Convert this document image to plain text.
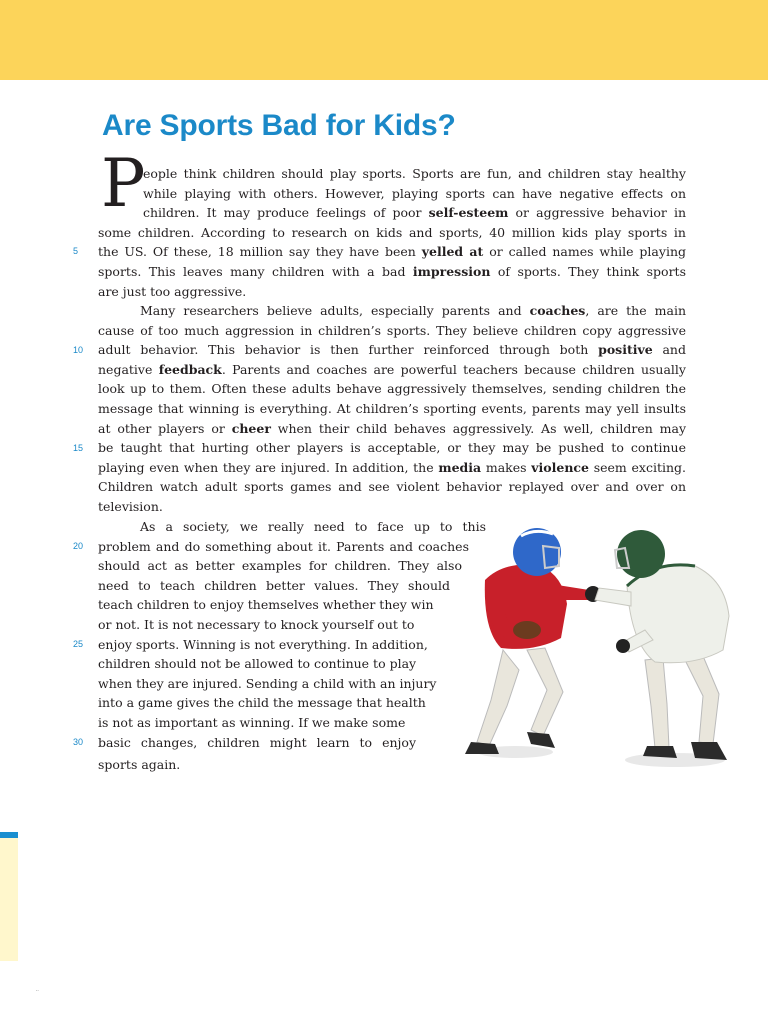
Are Sports Bad for Kids?
P
eople think children should play sports. Sports are fun, and children stay healthy
while playing with others. However, playing sports can have negative effects on
children. It may produce feelings of poor self-esteem or aggressive behavior in
some children. According to research on kids and sports, 40 million kids play sports in
the US. Of these, 18 million say they have been yelled at or called names while playing
sports. This leaves many children with a bad impression of sports. They think sports
are just too aggressive.
Many researchers believe adults, especially parents and coaches, are the main
cause of too much aggression in children’s sports. They believe children copy aggressive
adult behavior. This behavior is then further reinforced through both positive and
negative feedback. Parents and coaches are powerful teachers because children usually
look up to them. Often these adults behave aggressively themselves, sending children the
message that winning is everything. At children’s sporting events, parents may yell insults
at other players or cheer when their child behaves aggressively. As well, children may
be taught that hurting other players is acceptable, or they may be pushed to continue
playing even when they are injured. In addition, the media makes violence seem exciting.
Children watch adult sports games and see violent behavior replayed over and over on
television.
As a society, we really need to face up to this
problem and do something about it. Parents and coaches
should act as better examples for children. They also
need to teach children better values. They should
teach children to enjoy themselves whether they win
or not. It is not necessary to knock yourself out to
enjoy sports. Winning is not everything. In addition,
children should not be allowed to continue to play
when they are injured. Sending a child with an injury
into a game gives the child the message that health
is not as important as winning. If we make some
basic changes, children might learn to enjoy
sports again.
5
10
15
20
25
30
..
